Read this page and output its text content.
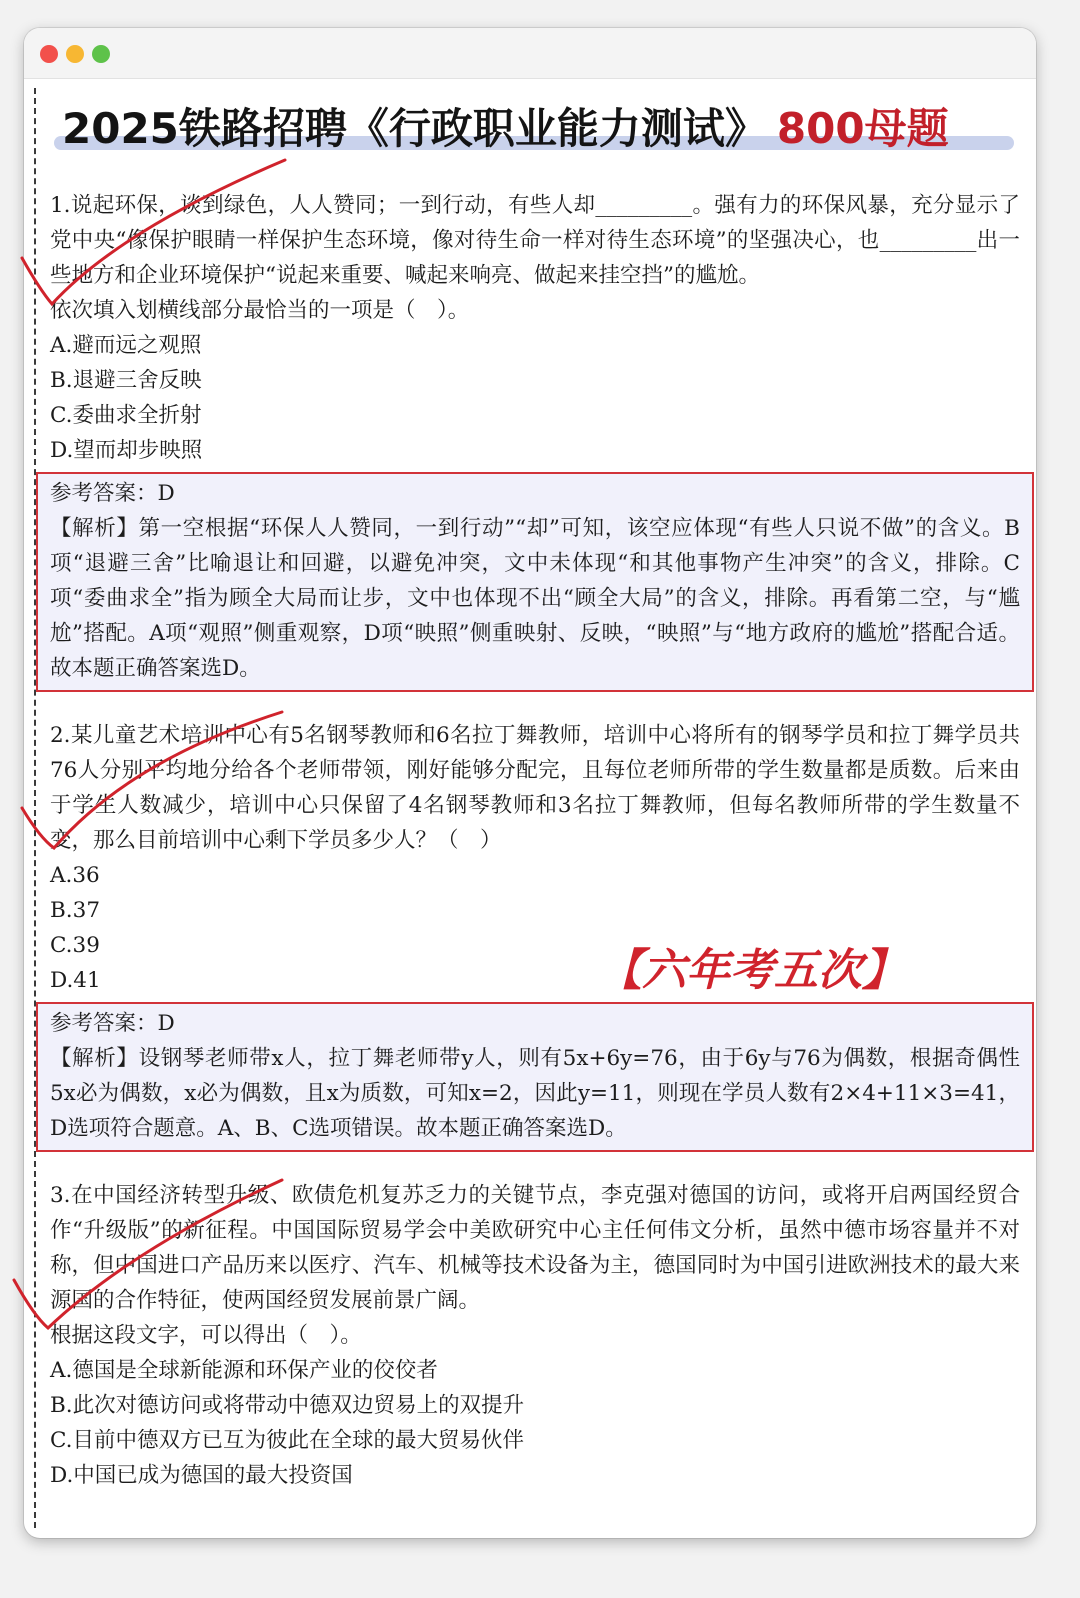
2025铁路招聘《行政职业能力测试》 800母题

1.说起环保，谈到绿色，人人赞同；一到行动，有些人却_________。强有力的环保风暴，充分显示了党中央“像保护眼睛一样保护生态环境，像对待生命一样对待生态环境”的坚强决心，也_________出一些地方和企业环境保护“说起来重要、喊起来响亮、做起来挂空挡”的尴尬。

依次填入划横线部分最恰当的一项是（　）。

A.避而远之观照

B.退避三舍反映

C.委曲求全折射

D.望而却步映照

参考答案：D

【解析】第一空根据“环保人人赞同，一到行动”“却”可知，该空应体现“有些人只说不做”的含义。B项“退避三舍”比喻退让和回避，以避免冲突，文中未体现“和其他事物产生冲突”的含义，排除。C项“委曲求全”指为顾全大局而让步，文中也体现不出“顾全大局”的含义，排除。再看第二空，与“尴尬”搭配。A项“观照”侧重观察，D项“映照”侧重映射、反映，“映照”与“地方政府的尴尬”搭配合适。故本题正确答案选D。

2.某儿童艺术培训中心有5名钢琴教师和6名拉丁舞教师，培训中心将所有的钢琴学员和拉丁舞学员共76人分别平均地分给各个老师带领，刚好能够分配完，且每位老师所带的学生数量都是质数。后来由于学生人数减少，培训中心只保留了4名钢琴教师和3名拉丁舞教师，但每名教师所带的学生数量不变，那么目前培训中心剩下学员多少人？（　）

A.36

B.37

C.39

D.41

参考答案：D

【解析】设钢琴老师带x人，拉丁舞老师带y人，则有5x+6y=76，由于6y与76为偶数，根据奇偶性5x必为偶数，x必为偶数，且x为质数，可知x=2，因此y=11，则现在学员人数有2×4+11×3=41，D选项符合题意。A、B、C选项错误。故本题正确答案选D。

3.在中国经济转型升级、欧债危机复苏乏力的关键节点，李克强对德国的访问，或将开启两国经贸合作“升级版”的新征程。中国国际贸易学会中美欧研究中心主任何伟文分析，虽然中德市场容量并不对称，但中国进口产品历来以医疗、汽车、机械等技术设备为主，德国同时为中国引进欧洲技术的最大来源国的合作特征，使两国经贸发展前景广阔。

根据这段文字，可以得出（　）。

A.德国是全球新能源和环保产业的佼佼者

B.此次对德访问或将带动中德双边贸易上的双提升

C.目前中德双方已互为彼此在全球的最大贸易伙伴

D.中国已成为德国的最大投资国

【六年考五次】
